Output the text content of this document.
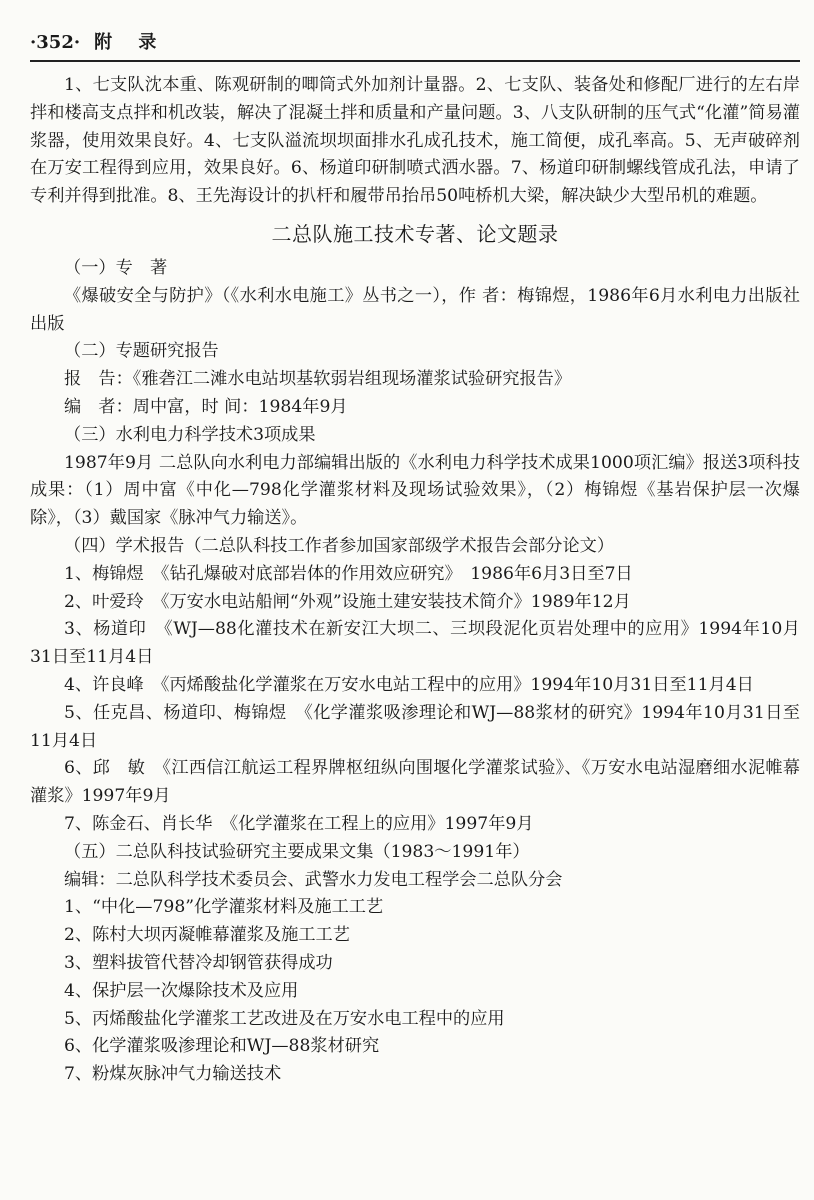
·352· 附 录

1、七支队沈本重、陈观研制的唧筒式外加剂计量器。2、七支队、装备处和修配厂进行的左右岸拌和楼高支点拌和机改装，解决了混凝土拌和质量和产量问题。3、八支队研制的压气式“化灌”简易灌浆器，使用效果良好。4、七支队溢流坝坝面排水孔成孔技术，施工简便，成孔率高。5、无声破碎剂在万安工程得到应用，效果良好。6、杨道印研制喷式洒水器。7、杨道印研制螺线管成孔法，申请了专利并得到批准。8、王先海设计的扒杆和履带吊抬吊50吨桥机大梁，解决缺少大型吊机的难题。

二总队施工技术专著、论文题录

（一）专　著

《爆破安全与防护》（《水利水电施工》丛书之一），作 者：梅锦煜，1986年6月水利电力出版社出版

（二）专题研究报告

报　告：《雅砻江二滩水电站坝基软弱岩组现场灌浆试验研究报告》

编　者：周中富，时 间：1984年9月

（三）水利电力科学技术3项成果

1987年9月 二总队向水利电力部编辑出版的《水利电力科学技术成果1000项汇编》报送3项科技成果：（1）周中富《中化—798化学灌浆材料及现场试验效果》，（2）梅锦煜《基岩保护层一次爆除》，（3）戴国家《脉冲气力输送》。

（四）学术报告（二总队科技工作者参加国家部级学术报告会部分论文）

1、梅锦煜　《钻孔爆破对底部岩体的作用效应研究》　1986年6月3日至7日

2、叶爱玲　《万安水电站船闸“外观”设施土建安装技术简介》1989年12月

3、杨道印　《WJ—88化灌技术在新安江大坝二、三坝段泥化页岩处理中的应用》1994年10月31日至11月4日

4、许良峰　《丙烯酸盐化学灌浆在万安水电站工程中的应用》1994年10月31日至11月4日

5、任克昌、杨道印、梅锦煜　《化学灌浆吸渗理论和WJ—88浆材的研究》1994年10月31日至11月4日

6、邱　敏　《江西信江航运工程界牌枢纽纵向围堰化学灌浆试验》、《万安水电站湿磨细水泥帷幕灌浆》1997年9月

7、陈金石、肖长华　《化学灌浆在工程上的应用》1997年9月

（五）二总队科技试验研究主要成果文集（1983～1991年）

编辑：二总队科学技术委员会、武警水力发电工程学会二总队分会

1、“中化—798”化学灌浆材料及施工工艺

2、陈村大坝丙凝帷幕灌浆及施工工艺

3、塑料拔管代替冷却钢管获得成功

4、保护层一次爆除技术及应用

5、丙烯酸盐化学灌浆工艺改进及在万安水电工程中的应用

6、化学灌浆吸渗理论和WJ—88浆材研究

7、粉煤灰脉冲气力输送技术
